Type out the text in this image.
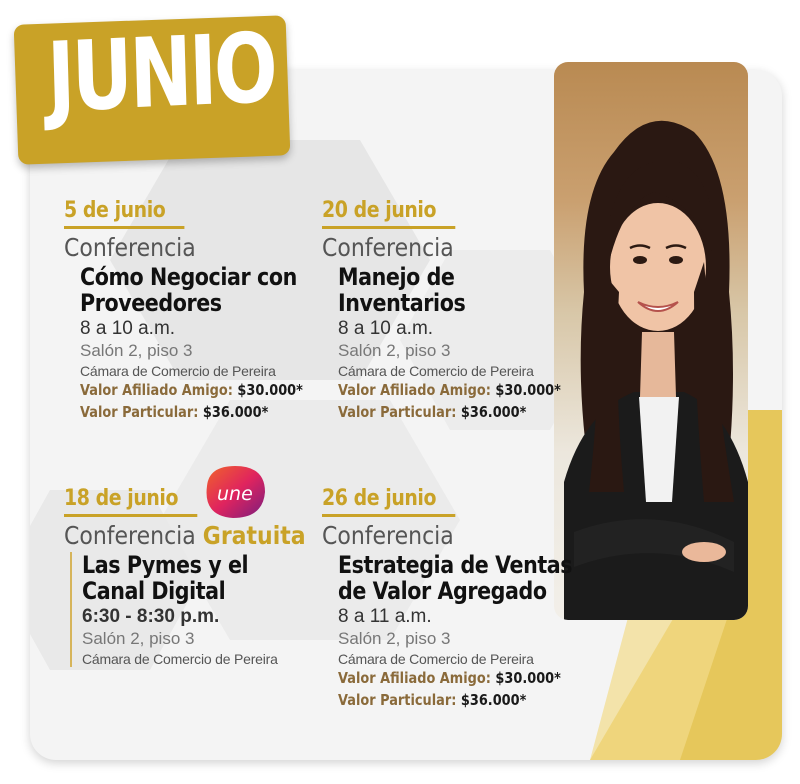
JUNIO
5 de junio
Conferencia
Cómo Negociar con
Proveedores
8 a 10 a.m.
Salón 2, piso 3
Cámara de Comercio de Pereira
Valor Afiliado Amigo: $30.000*
Valor Particular: $36.000*
20 de junio
Conferencia
Manejo de
Inventarios
8 a 10 a.m.
Salón 2, piso 3
Cámara de Comercio de Pereira
Valor Afiliado Amigo: $30.000*
Valor Particular: $36.000*
18 de junio
Conferencia Gratuita
Las Pymes y el
Canal Digital
6:30 - 8:30 p.m.
Salón 2, piso 3
Cámara de Comercio de Pereira
une	26 de junio
Conferencia
Estrategia de Ventas
de Valor Agregado
8 a 11 a.m.
Salón 2, piso 3
Cámara de Comercio de Pereira
Valor Afiliado Amigo: $30.000*
Valor Particular: $36.000*
